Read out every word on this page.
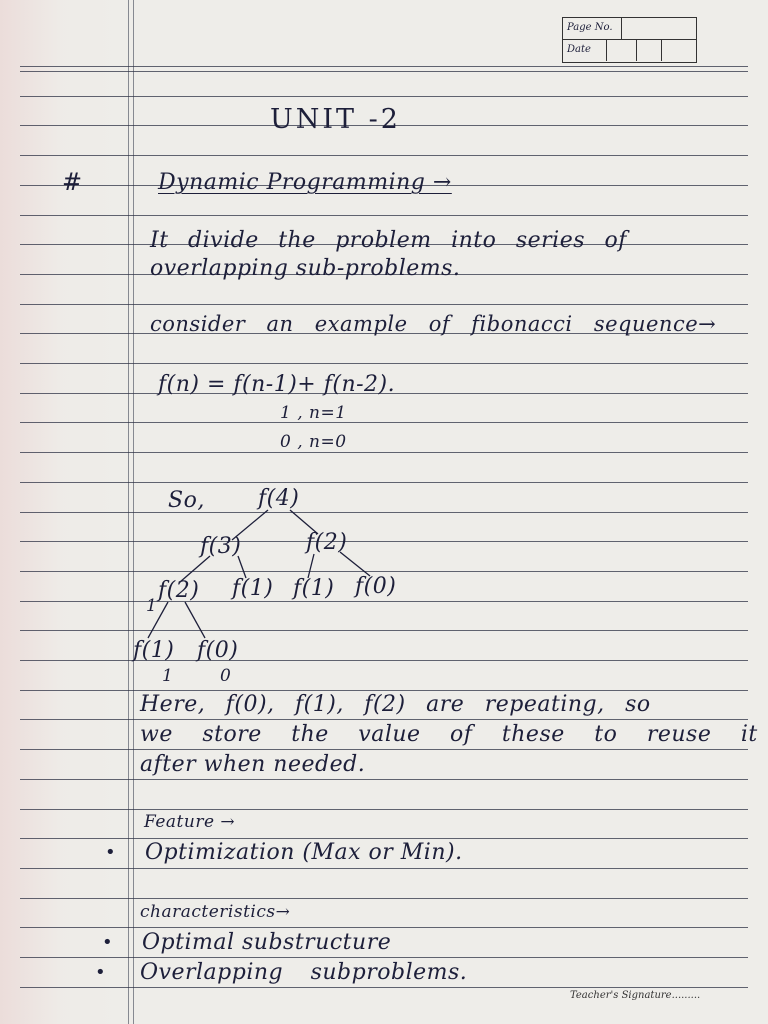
Page No.
Date
UNIT -2
#	Dynamic Programming →
It divide the problem into series of
overlapping sub-problems.
consider an example of fibonacci sequence→
f(n) = f(n-1)+ f(n-2).
1 , n=1
0 , n=0
So, f(4)
f(3)	f(2)
f(2) f(1) f(1) f(0)
f(1) f(0)
1
1	0
Here, f(0), f(1), f(2) are repeating, so
we store the value of these to reuse it
after when needed.
Feature →
• Optimization (Max or Min).
characteristics→
• Optimal substructure
• Overlapping subproblems.
Teacher's Signature.........
